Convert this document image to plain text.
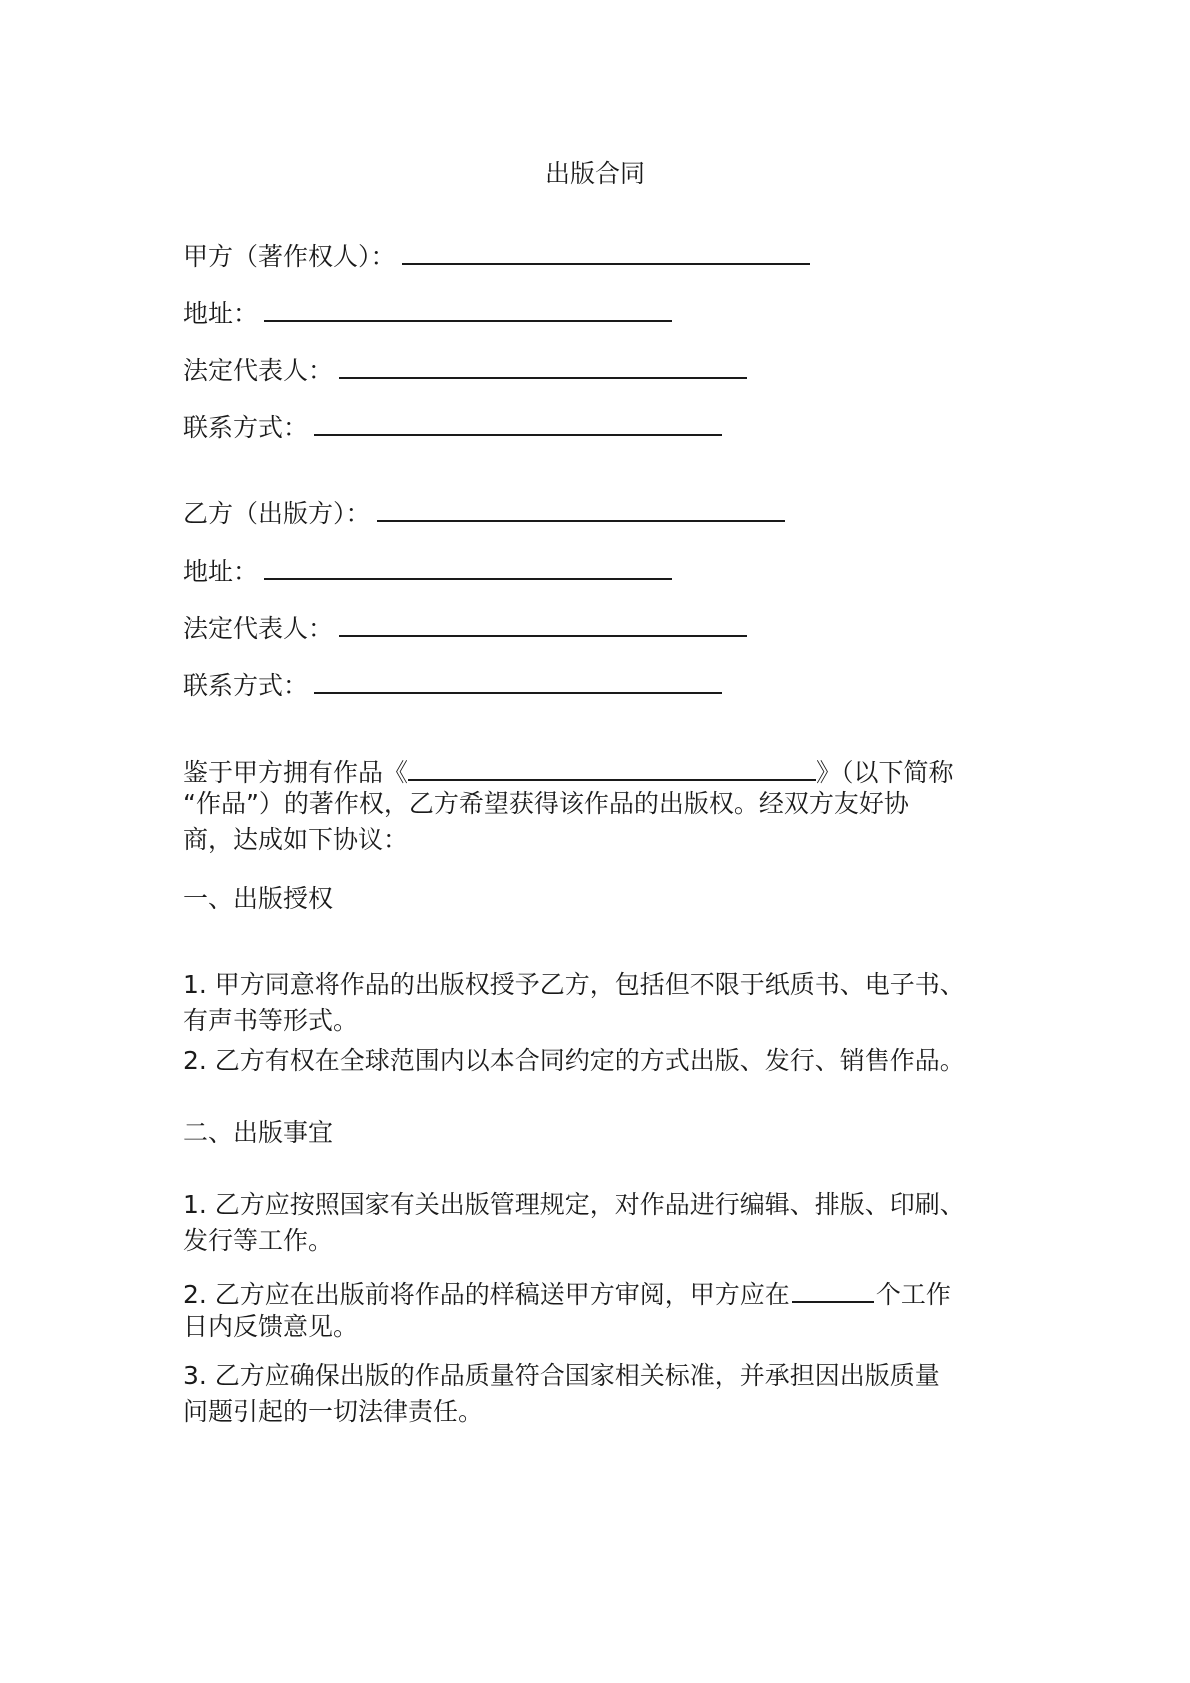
出版合同
甲方（著作权人）：
地址：
法定代表人：
联系方式：
乙方（出版方）：
地址：
法定代表人：
联系方式：
鉴于甲方拥有作品《	》（以下简称
“作品”）的著作权，乙方希望获得该作品的出版权。经双方友好协
商，达成如下协议：
一、出版授权
1. 甲方同意将作品的出版权授予乙方，包括但不限于纸质书、电子书、
有声书等形式。
2. 乙方有权在全球范围内以本合同约定的方式出版、发行、销售作品。
二、出版事宜
1. 乙方应按照国家有关出版管理规定，对作品进行编辑、排版、印刷、
发行等工作。
2. 乙方应在出版前将作品的样稿送甲方审阅，甲方应在	个工作
日内反馈意见。
3. 乙方应确保出版的作品质量符合国家相关标准，并承担因出版质量
问题引起的一切法律责任。
